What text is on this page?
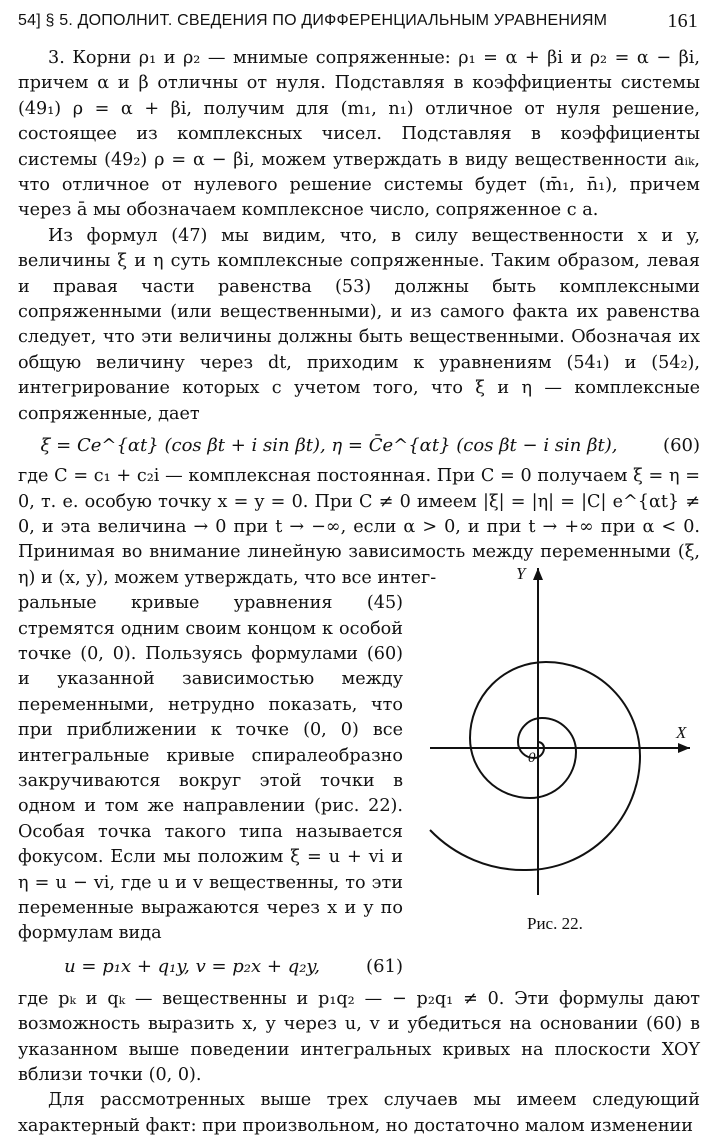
54] § 5. ДОПОЛНИТ. СВЕДЕНИЯ ПО ДИФФЕРЕНЦИАЛЬНЫМ УРАВНЕНИЯМ	161

3. Корни ρ₁ и ρ₂ — мнимые сопряженные: ρ₁ = α + βi и ρ₂ = α − βi, причем α и β отличны от нуля. Подставляя в коэффициенты системы (49₁) ρ = α + βi, получим для (m₁, n₁) отличное от нуля решение, состоящее из комплексных чисел. Подставляя в коэффициенты системы (49₂) ρ = α − βi, можем утверждать в виду вещественности aᵢₖ, что отличное от нулевого решение системы будет (m̄₁, n̄₁), причем через ā мы обозначаем комплексное число, сопряженное с a.

Из формул (47) мы видим, что, в силу вещественности x и y, величины ξ и η суть комплексные сопряженные. Таким образом, левая и правая части равенства (53) должны быть комплексными сопряженными (или вещественными), и из самого факта их равенства следует, что эти величины должны быть вещественными. Обозначая их общую величину через dt, приходим к уравнениям (54₁) и (54₂), интегрирование которых с учетом того, что ξ и η — комплексные сопряженные, дает

ξ = Ce^{αt} (cos βt + i sin βt), η = C̄e^{αt} (cos βt − i sin βt),	(60)

где C = c₁ + c₂i — комплексная постоянная. При C = 0 получаем ξ = η = 0, т. е. особую точку x = y = 0. При C ≠ 0 имеем |ξ| = |η| = |C| e^{αt} ≠ 0, и эта величина → 0 при t → −∞, если α > 0, и при t → +∞ при α < 0. Принимая во внимание линейную зависимость между переменными (ξ, η) и (x, y), можем утверждать, что все интег-

ральные кривые уравнения (45) стремятся одним своим концом к особой точке (0, 0). Пользуясь формулами (60) и указанной зависимостью между переменными, нетрудно показать, что при приближении к точке (0, 0) все интегральные кривые спиралеобразно закручиваются вокруг этой точки в одном и том же направлении (рис. 22). Особая точка такого типа называется фокусом. Если мы положим ξ = u + vi и η = u − vi, где u и v вещественны, то эти переменные выражаются через x и y по формулам вида

u = p₁x + q₁y, v = p₂x + q₂y,	(61)

где pₖ и qₖ — вещественны и p₁q₂ — − p₂q₁ ≠ 0. Эти формулы дают возможность выразить x, y через u, v и убедиться на основании (60) в указанном выше поведении интегральных кривых на плоскости XOY вблизи точки (0, 0).

Для рассмотренных выше трех случаев мы имеем следующий характерный факт: при произвольном, но достаточно малом изменении

Y
X
0
Рис. 22.
